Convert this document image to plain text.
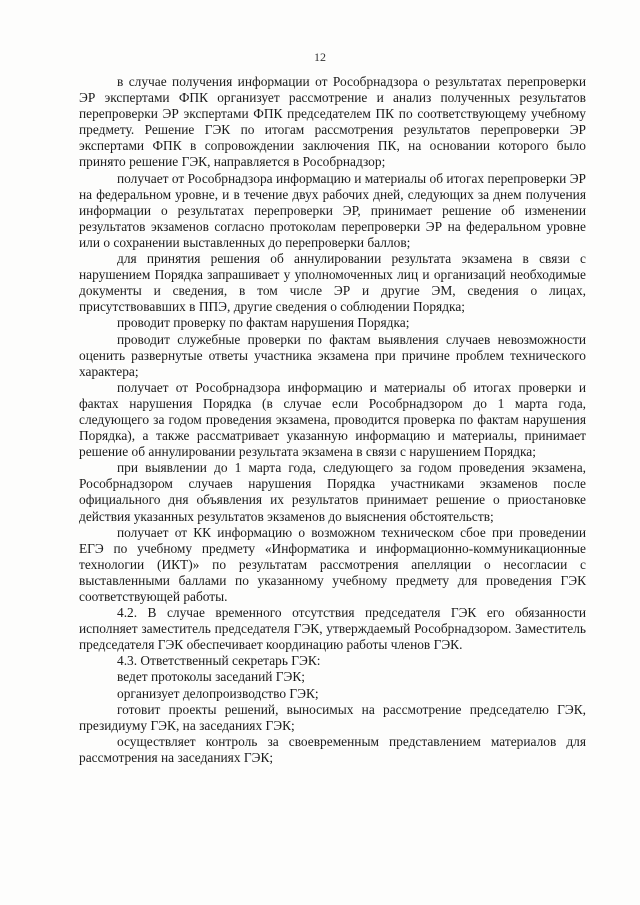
12

в случае получения информации от Рособрнадзора о результатах перепроверки ЭР экспертами ФПК организует рассмотрение и анализ полученных результатов перепроверки ЭР экспертами ФПК председателем ПК по соответствующему учебному предмету. Решение ГЭК по итогам рассмотрения результатов перепроверки ЭР экспертами ФПК в сопровождении заключения ПК, на основании которого было принято решение ГЭК, направляется в Рособрнадзор;

получает от Рособрнадзора информацию и материалы об итогах перепроверки ЭР на федеральном уровне, и в течение двух рабочих дней, следующих за днем получения информации о результатах перепроверки ЭР, принимает решение об изменении результатов экзаменов согласно протоколам перепроверки ЭР на федеральном уровне или о сохранении выставленных до перепроверки баллов;

для принятия решения об аннулировании результата экзамена в связи с нарушением Порядка запрашивает у уполномоченных лиц и организаций необходимые документы и сведения, в том числе ЭР и другие ЭМ, сведения о лицах, присутствовавших в ППЭ, другие сведения о соблюдении Порядка;

проводит проверку по фактам нарушения Порядка;

проводит служебные проверки по фактам выявления случаев невозможности оценить развернутые ответы участника экзамена при причине проблем технического характера;

получает от Рособрнадзора информацию и материалы об итогах проверки и фактах нарушения Порядка (в случае если Рособрнадзором до 1 марта года, следующего за годом проведения экзамена, проводится проверка по фактам нарушения Порядка), а также рассматривает указанную информацию и материалы, принимает решение об аннулировании результата экзамена в связи с нарушением Порядка;

при выявлении до 1 марта года, следующего за годом проведения экзамена, Рособрнадзором случаев нарушения Порядка участниками экзаменов после официального дня объявления их результатов принимает решение о приостановке действия указанных результатов экзаменов до выяснения обстоятельств;

получает от КК информацию о возможном техническом сбое при проведении ЕГЭ по учебному предмету «Информатика и информационно-коммуникационные технологии (ИКТ)» по результатам рассмотрения апелляции о несогласии с выставленными баллами по указанному учебному предмету для проведения ГЭК соответствующей работы.

4.2. В случае временного отсутствия председателя ГЭК его обязанности исполняет заместитель председателя ГЭК, утверждаемый Рособрнадзором. Заместитель председателя ГЭК обеспечивает координацию работы членов ГЭК.

4.3. Ответственный секретарь ГЭК:

ведет протоколы заседаний ГЭК;

организует делопроизводство ГЭК;

готовит проекты решений, выносимых на рассмотрение председателю ГЭК, президиуму ГЭК, на заседаниях ГЭК;

осуществляет контроль за своевременным представлением материалов для рассмотрения на заседаниях ГЭК;
